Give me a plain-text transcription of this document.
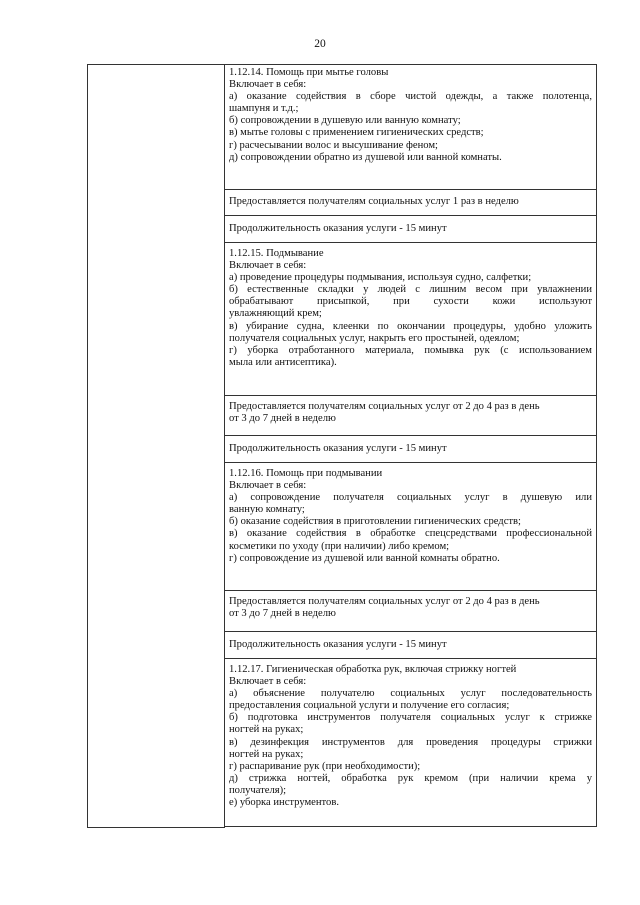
20

1.12.14. Помощь при мытье головы
Включает в себя:
а) оказание содействия в сборе чистой одежды, а также полотенца,
шампуня и т.д.;
б) сопровождении в душевую или ванную комнату;
в) мытье головы с применением гигиенических средств;
г) расчесывании волос и высушивание феном;
д) сопровождении обратно из душевой или ванной комнаты.

Предоставляется получателям социальных услуг 1 раз в неделю

Продолжительность оказания услуги - 15 минут

1.12.15. Подмывание
Включает в себя:
а) проведение процедуры подмывания, используя судно, салфетки;
б) естественные складки у людей с лишним весом при увлажнении
обрабатывают присыпкой, при сухости кожи используют
увлажняющий крем;
в) убирание судна, клеенки по окончании процедуры, удобно уложить
получателя социальных услуг, накрыть его простыней, одеялом;
г) уборка отработанного материала, помывка рук (с использованием
мыла или антисептика).

Предоставляется получателям социальных услуг от 2 до 4 раз в день
от 3 до 7 дней в неделю

Продолжительность оказания услуги - 15 минут

1.12.16. Помощь при подмывании
Включает в себя:
а) сопровождение получателя социальных услуг в душевую или
ванную комнату;
б) оказание содействия в приготовлении гигиенических средств;
в) оказание содействия в обработке спецсредствами профессиональной
косметики по уходу (при наличии) либо кремом;
г) сопровождение из душевой или ванной комнаты обратно.

Предоставляется получателям социальных услуг от 2 до 4 раз в день
от 3 до 7 дней в неделю

Продолжительность оказания услуги - 15 минут

1.12.17. Гигиеническая обработка рук, включая стрижку ногтей
Включает в себя:
а) объяснение получателю социальных услуг последовательность
предоставления социальной услуги и получение его согласия;
б) подготовка инструментов получателя социальных услуг к стрижке
ногтей на руках;
в) дезинфекция инструментов для проведения процедуры стрижки
ногтей на руках;
г) распаривание рук (при необходимости);
д) стрижка ногтей, обработка рук кремом (при наличии крема у
получателя);
е) уборка инструментов.
